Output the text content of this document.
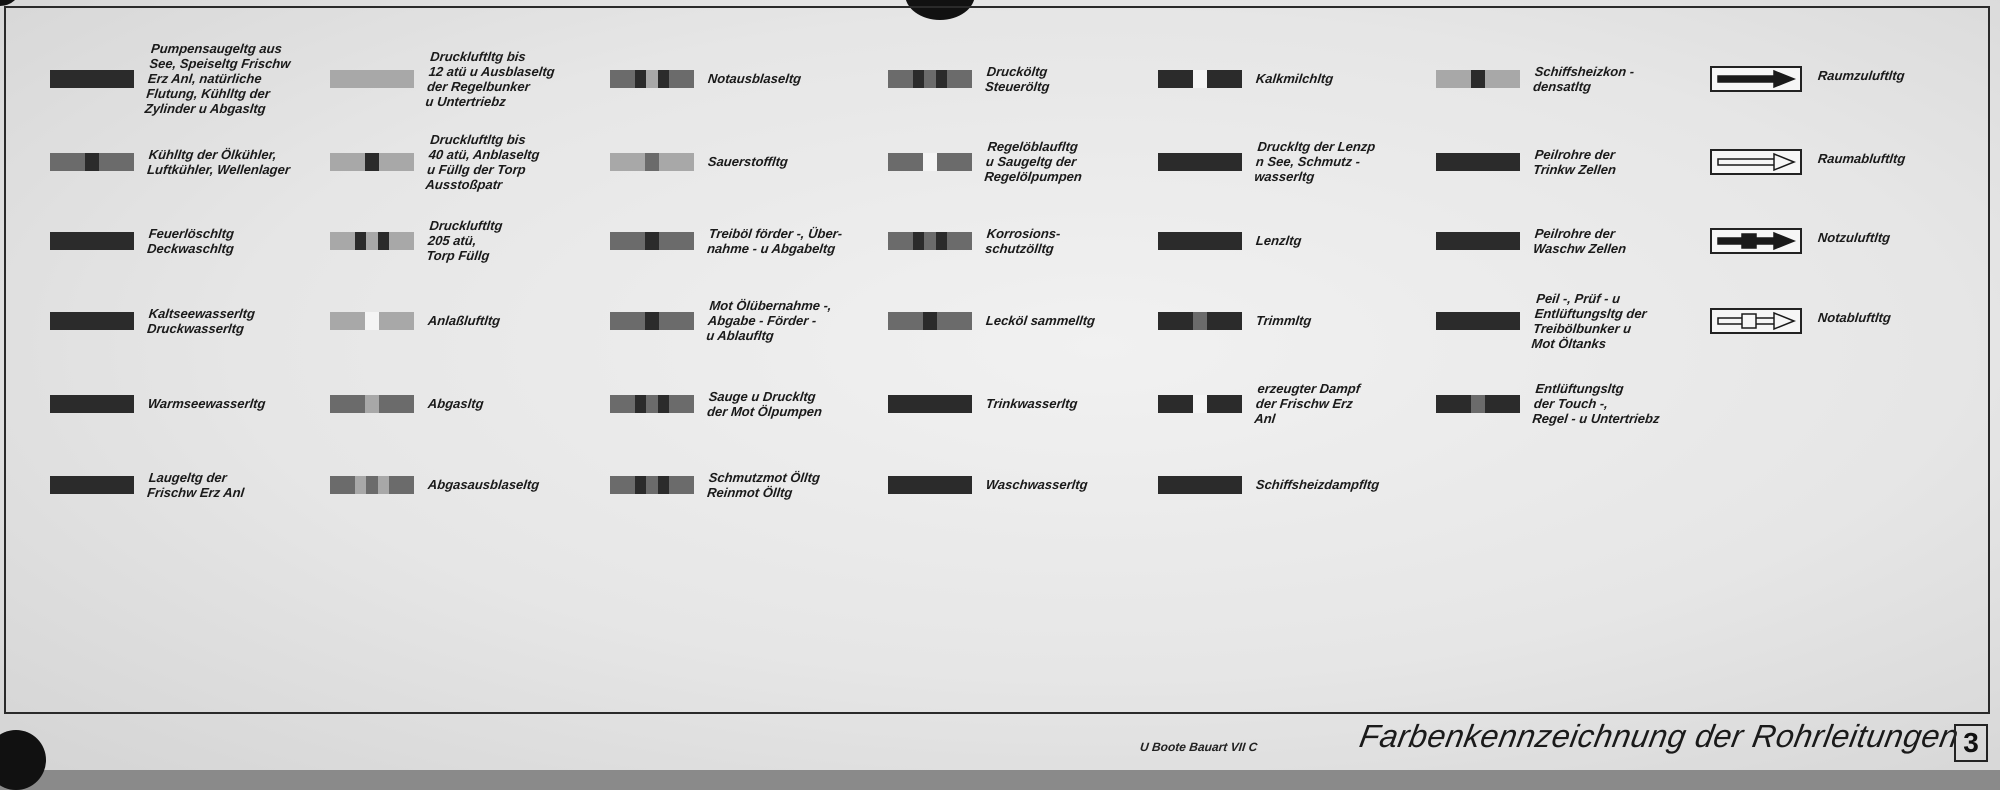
Pumpensaugeltg aus
See, Speiseltg Frischw
Erz Anl, natürliche
Flutung, Kühlltg der
Zylinder u Abgasltg
Kühlltg der Ölkühler,
Luftkühler, Wellenlager
Feuerlöschltg
Deckwaschltg
Kaltseewasserltg
Druckwasserltg
Warmseewasserltg
Laugeltg der
Frischw Erz Anl
Druckluftltg bis
12 atü u Ausblaseltg
der Regelbunker
u Untertriebz
Druckluftltg bis
40 atü, Anblaseltg
u Füllg der Torp
Ausstoßpatr
Druckluftltg
205 atü,
Torp Füllg
Anlaßluftltg
Abgasltg
Abgasausblaseltg
Notausblaseltg
Sauerstoffltg
Treiböl förder -, Über-
nahme - u Abgabeltg
Mot Ölübernahme -,
Abgabe - Förder -
u Ablaufltg
Sauge u Druckltg
der Mot Ölpumpen
Schmutzmot Ölltg
Reinmot Ölltg
Drucköltg
Steueröltg
Regelöblaufltg
u Saugeltg der
Regelölpumpen
Korrosions-
schutzölltg
Lecköl sammelltg
Trinkwasserltg
Waschwasserltg
Kalkmilchltg
Druckltg der Lenzp
n See, Schmutz -
wasserltg
Lenzltg
Trimmltg
erzeugter Dampf
der Frischw Erz
Anl
Schiffsheizdampfltg
Schiffsheizkon -
densatltg
Peilrohre der
Trinkw Zellen
Peilrohre der
Waschw Zellen
Peil -, Prüf - u
Entlüftungsltg der
Treibölbunker u
Mot Öltanks
Entlüftungsltg
der Touch -,
Regel - u Untertriebz
Raumzuluftltg
Raumabluftltg
Notzuluftltg
Notabluftltg
U Boote Bauart VII C	Farbenkennzeichnung der Rohrleitungen 3
